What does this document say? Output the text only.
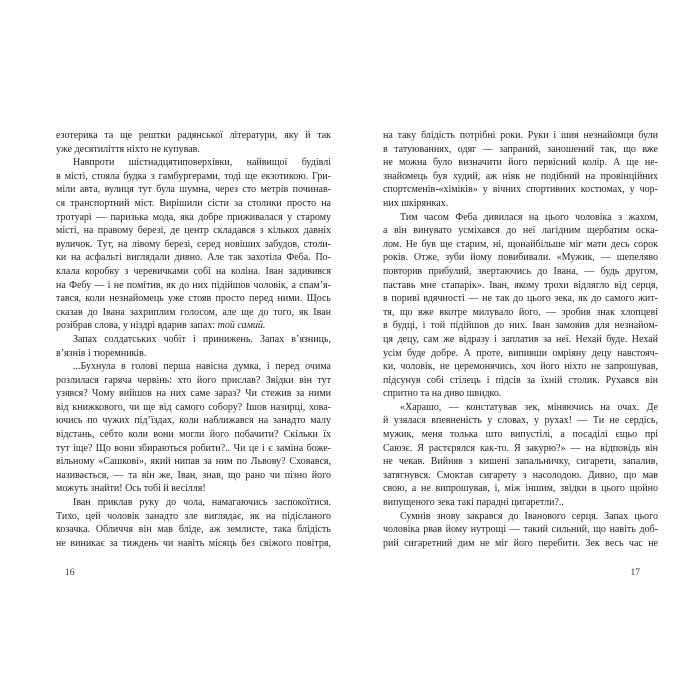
езотерика та ще рештки радянської літератури, яку й так
уже десятиліття ніхто не купував.
Навпроти шістнадцятиповерхівки, найвищої будівлі
в місті, стояла будка з гамбургерами, тоді ще екзотикою. Гри-
міли авта, вулиця тут була шумна, через сто метрів починав-
ся транспортний міст. Вирішили сісти за столики просто на
тротуарі — паризька мода, яка добре приживалася у старому
місті, на правому березі, де центр складався з кількох давніх
вуличок. Тут, на лівому березі, серед новіших забудов, столи-
ки на асфальті виглядали дивно. Але так захотіла Феба. По-
клала коробку з черевичками собі на коліна. Іван задивився
на Фебу — і не помітив, як до них підійшов чоловік, а спам’я-
тався, коли незнайомець уже стояв просто перед ними. Щось
сказав до Івана захриплим голосом, але ще до того, як Іван
розібрав слова, у ніздрі вдарив запах: той самий.
Запах солдатських чобіт і принижень. Запах в’язниць,
в’язнів і тюремників.
...Бухнула в голові перша навісна думка, і перед очима
розлилася гаряча червінь: хто його прислав? Звідки він тут
узявся? Чому вийшов на них саме зараз? Чи стежив за ними
від книжкового, чи ще від самого собору? Ішов назирці, хова-
ючись по чужих під’їздах, коли наближався на занадто малу
відстань, себто коли вони могли його побачити? Скільки їх
тут іще? Що вони збираються робити?.. Чи це і є заміна боже-
вільному «Сашкові», який нипав за ним по Львову? Сховався,
називається, — та він же, Іван, знав, що рано чи пізно його
можуть знайти! Ось тобі й весілля!
Іван приклав руку до чола, намагаючись заспокоїтися.
Тихо, цей чоловік занадто зле виглядає, як на підісланого
козачка. Обличчя він мав бліде, аж землисте, така блідість
не виникає за тиждень чи навіть місяць без свіжого повітря,
на таку блідість потрібні роки. Руки і шия незнайомця були
в татуюваннях, одяг — запраний, заношений так, що вже
не можна було визначити його первісний колір. А ще не-
знайомець був худий, аж ніяк не подібний на провінційних
спортсменів-«хіміків» у вічних спортивних костюмах, у чор-
них шкірянках.
Тим часом Феба дивилася на цього чоловіка з жахом,
а він винувато усміхався до неї лагідним щербатим оска-
лом. Не був ще старим, ні, щонайбільше міг мати десь сорок
років. Отже, зуби йому повибивали. «Мужик, — шепеляво
повторив прибулий, звертаючись до Івана, — будь другом,
паставь мне стапарік». Іван, якому трохи відлягло від серця,
в пориві вдячності — не так до цього зека, як до самого жит-
тя, що вже вкотре милувало його, — зробив знак хлопцеві
в будці, і той підійшов до них. Іван замовив для незнайом-
ця децу, сам же відразу і заплатив за неї. Нехай буде. Нехай
усім буде добре. А проте, випивши омріяну децу навстояч-
ки, чоловік, не церемонячись, хоч його ніхто не запрошував,
підсунув собі стілець і підсів за їхній столик. Рухався він
спритно та на диво швидко.
«Харашо, — констатував зек, міняючись на очах. Де
й узялася впевненість у словах, у рухах! — Ти не сердісь,
мужик, меня толька што випустілі, а посаділі єщьо прі
Саюзє. Я растєрялся как-то. Я закурю?» — на відповідь він
не чекав. Вийняв з кишені запальничку, сигарети, запалив,
затягнувся. Смоктав сигарету з насолодою. Дивно, що мав
свою, а не випрошував, і, між іншим, звідки в цього щойно
випущеного зека такі парадні цигаретли?..
Сумнів знову закрався до Іванового серця. Запах цього
чоловіка рвав йому нутрощі — такий сильний, що навіть доб-
рий сигаретний дим не міг його перебити. Зек весь час не
16	17
